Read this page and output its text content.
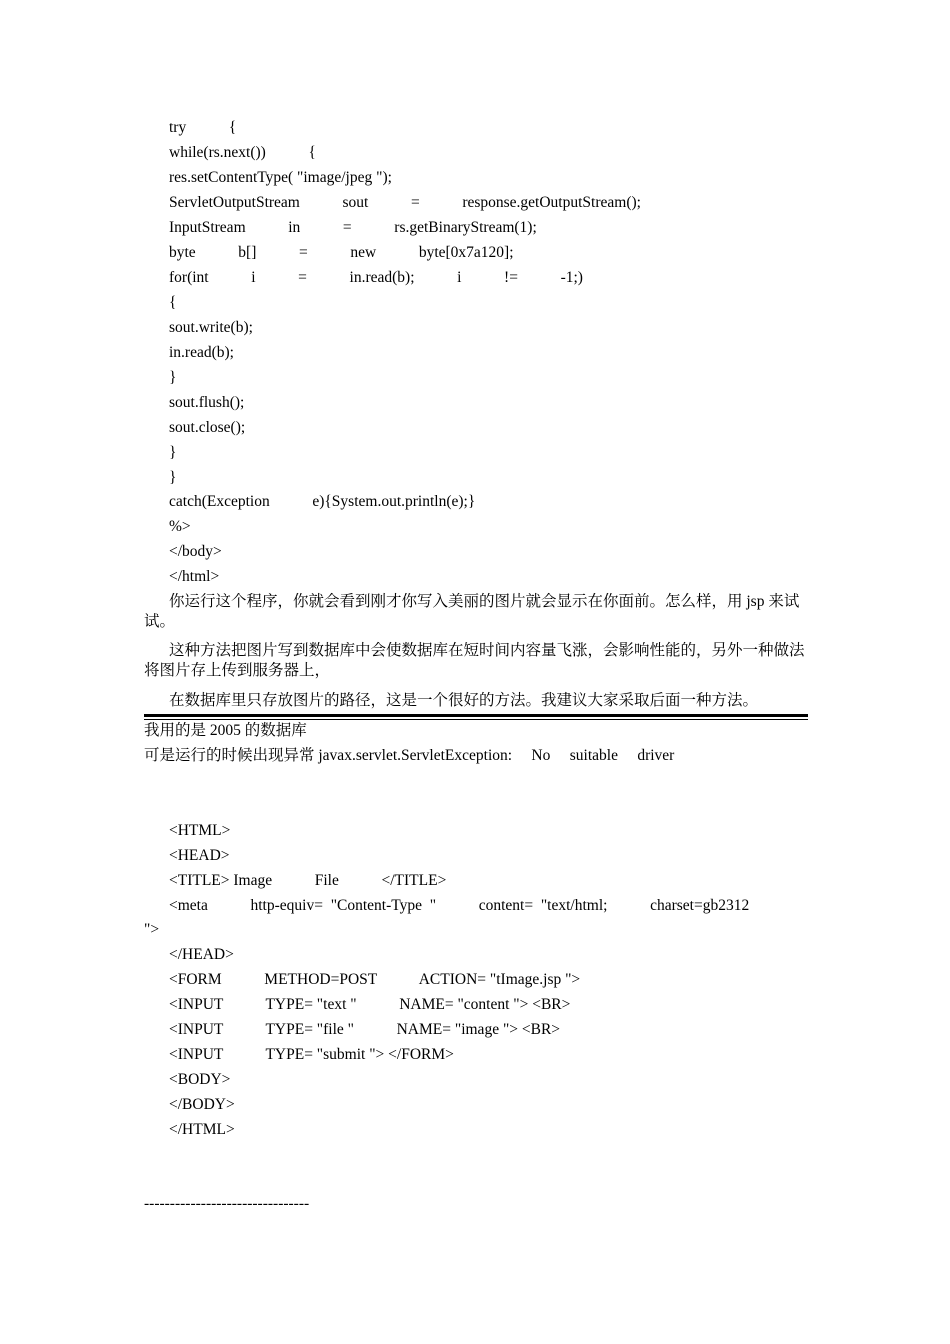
try           {
while(rs.next())           {
res.setContentType( "image/jpeg ");
ServletOutputStream           sout           =           response.getOutputStream();
InputStream           in           =           rs.getBinaryStream(1);
byte           b[]           =           new           byte[0x7a120];
for(int           i           =           in.read(b);           i           !=           -1;)
{
sout.write(b);
in.read(b);
}
sout.flush();
sout.close();
}
}
catch(Exception           e){System.out.println(e);}
%>
</body>
</html>
你运行这个程序，你就会看到刚才你写入美丽的图片就会显示在你面前。怎么样，用 jsp 来试试。
这种方法把图片写到数据库中会使数据库在短时间内容量飞涨，会影响性能的，另外一种做法将图片存上传到服务器上，
在数据库里只存放图片的路径，这是一个很好的方法。我建议大家采取后面一种方法。
我用的是 2005 的数据库
可是运行的时候出现异常 javax.servlet.ServletException:     No     suitable     driver
<HTML>
<HEAD>
<TITLE> Image           File           </TITLE>
<meta           http-equiv=  "Content-Type  "           content=  "text/html;           charset=gb2312
">
</HEAD>
<FORM           METHOD=POST           ACTION= "tImage.jsp ">
<INPUT           TYPE= "text "           NAME= "content "> <BR>
<INPUT           TYPE= "file "           NAME= "image "> <BR>
<INPUT           TYPE= "submit "> </FORM>
<BODY>
</BODY>
</HTML>
--------------------------------
